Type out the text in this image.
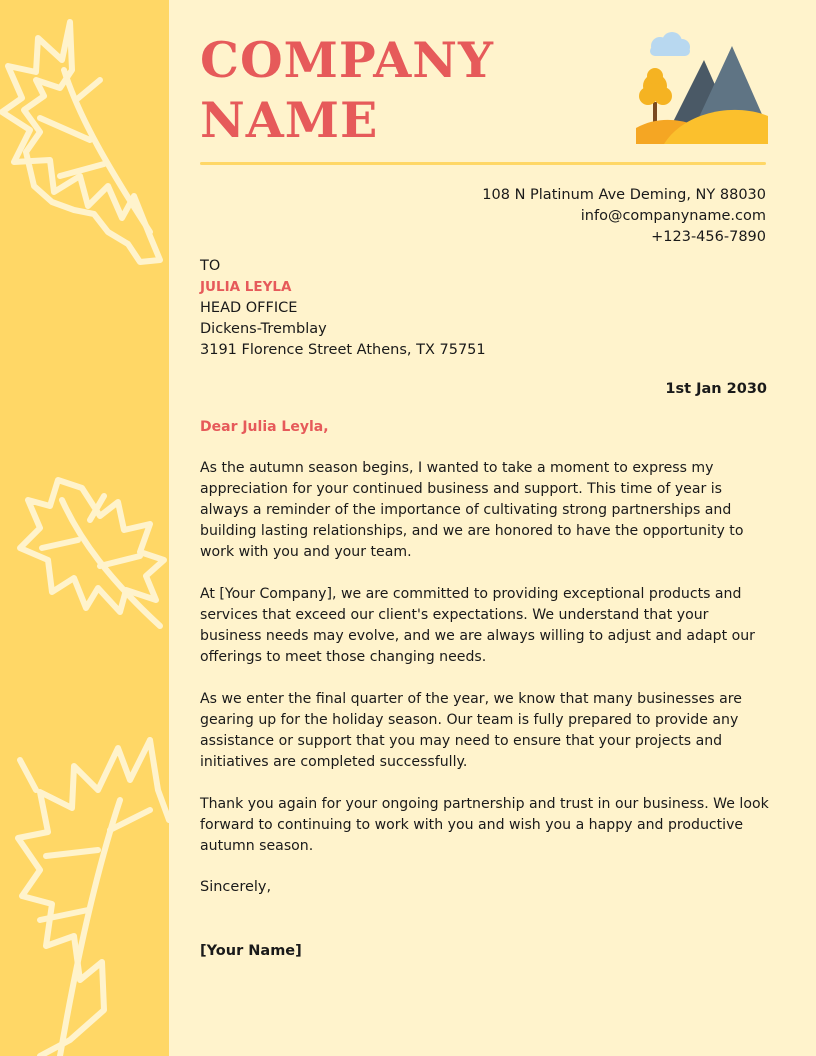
COMPANY
NAME
108 N Platinum Ave Deming, NY 88030
info@companyname.com
+123-456-7890
TO
JULIA LEYLA
HEAD OFFICE
Dickens-Tremblay
3191 Florence Street Athens, TX 75751
1st Jan 2030
Dear Julia Leyla,

As the autumn season begins, I wanted to take a moment to express my appreciation for your continued business and support. This time of year is always a reminder of the importance of cultivating strong partnerships and building lasting relationships, and we are honored to have the opportunity to work with you and your team.

At [Your Company], we are committed to providing exceptional products and services that exceed our client's expectations. We understand that your business needs may evolve, and we are always willing to adjust and adapt our offerings to meet those changing needs.

As we enter the final quarter of the year, we know that many businesses are gearing up for the holiday season. Our team is fully prepared to provide any assistance or support that you may need to ensure that your projects and initiatives are completed successfully.

Thank you again for your ongoing partnership and trust in our business. We look forward to continuing to work with you and wish you a happy and productive autumn season.

Sincerely,
[Your Name]
